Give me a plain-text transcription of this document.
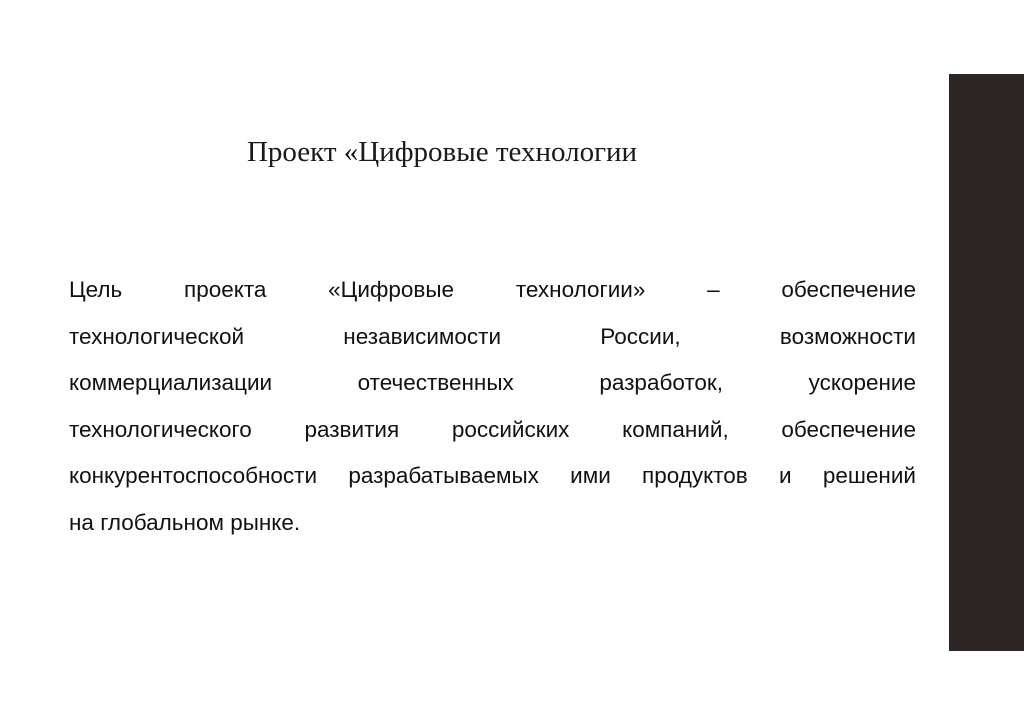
Проект «Цифровые технологии
Цель проекта «Цифровые технологии» – обеспечение
технологической независимости России, возможности
коммерциализации отечественных разработок, ускорение
технологического развития российских компаний, обеспечение
конкурентоспособности разрабатываемых ими продуктов и решений
на глобальном рынке.
